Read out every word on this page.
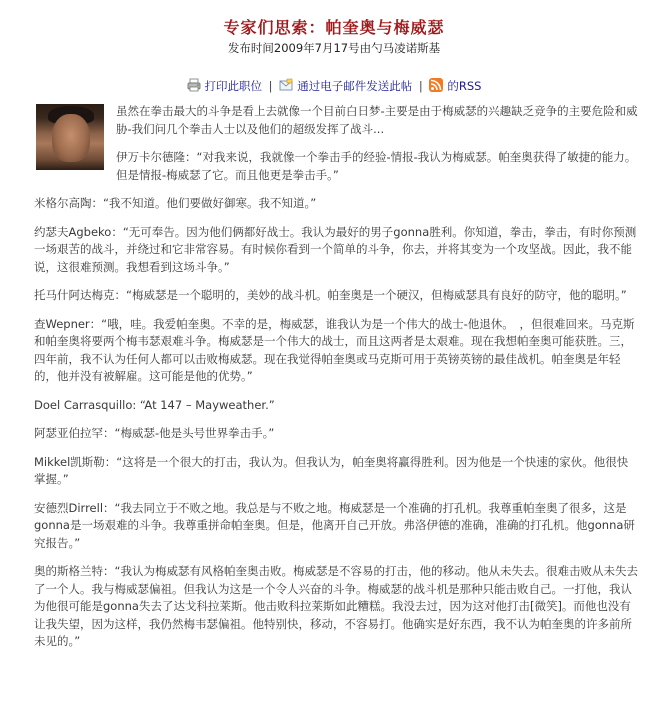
专家们思索：帕奎奥与梅威瑟
发布时间2009年7月17号由勺马凌诺斯基
打印此职位 | 通过电子邮件发送此帖 | 的RSS

虽然在拳击最大的斗争是看上去就像一个目前白日梦-主要是由于梅威瑟的兴趣缺乏竞争的主要危险和威胁-我们问几个拳击人士以及他们的超级发挥了战斗...

伊万卡尔德隆：“对我来说，我就像一个拳击手的经验-情报-我认为梅威瑟。帕奎奥获得了敏捷的能力。但是情报-梅威瑟了它。而且他更是拳击手。”

米格尔高陶：“我不知道。他们要做好御寒。我不知道。”

约瑟夫Agbeko：“无可奉告。因为他们俩都好战士。我认为最好的男子gonna胜利。你知道，拳击，拳击，有时你预测一场艰苦的战斗，并绕过和它非常容易。有时候你看到一个简单的斗争，你去，并将其变为一个攻坚战。因此，我不能说，这很难预测。我想看到这场斗争。”

托马什阿达梅克：“梅威瑟是一个聪明的，美妙的战斗机。帕奎奥是一个硬汉，但梅威瑟具有良好的防守，他的聪明。”

查Wepner：“哦，哇。我爱帕奎奥。不幸的是，梅威瑟，谁我认为是一个伟大的战士-他退休。　，但很难回来。马克斯和帕奎奥将要两个梅韦瑟艰难斗争。梅威瑟是一个伟大的战士，而且这两者是太艰难。现在我想帕奎奥可能获胜。三，四年前，我不认为任何人都可以击败梅威瑟。现在我觉得帕奎奥或马克斯可用于英镑英镑的最佳战机。帕奎奥是年轻的，他并没有被解雇。这可能是他的优势。”

Doel Carrasquillo: “At 147 – Mayweather.”

阿瑟亚伯拉罕：“梅威瑟-他是头号世界拳击手。”

Mikkel凯斯勒：“这将是一个很大的打击，我认为。但我认为，帕奎奥将赢得胜利。因为他是一个快速的家伙。他很快掌握。”

安德烈Dirrell：“我去同立于不败之地。我总是与不败之地。梅威瑟是一个准确的打孔机。我尊重帕奎奥了很多，这是gonna是一场艰难的斗争。我尊重拼命帕奎奥。但是，他离开自己开放。弗洛伊德的准确，准确的打孔机。他gonna研究报告。”

奥的斯格兰特：“我认为梅威瑟有风格帕奎奥击败。梅威瑟是不容易的打击，他的移动。他从未失去。很难击败从未失去了一个人。我与梅威瑟偏祖。但我认为这是一个令人兴奋的斗争。梅威瑟的战斗机是那种只能击败自己。一打他，我认为他很可能是gonna失去了达戈科拉莱斯。他击败科拉莱斯如此糟糕。我没去过，因为这对他打击[微笑]。而他也没有让我失望，因为这样，我仍然梅韦瑟偏祖。他特别快，移动，不容易打。他确实是好东西，我不认为帕奎奥的许多前所未见的。”
